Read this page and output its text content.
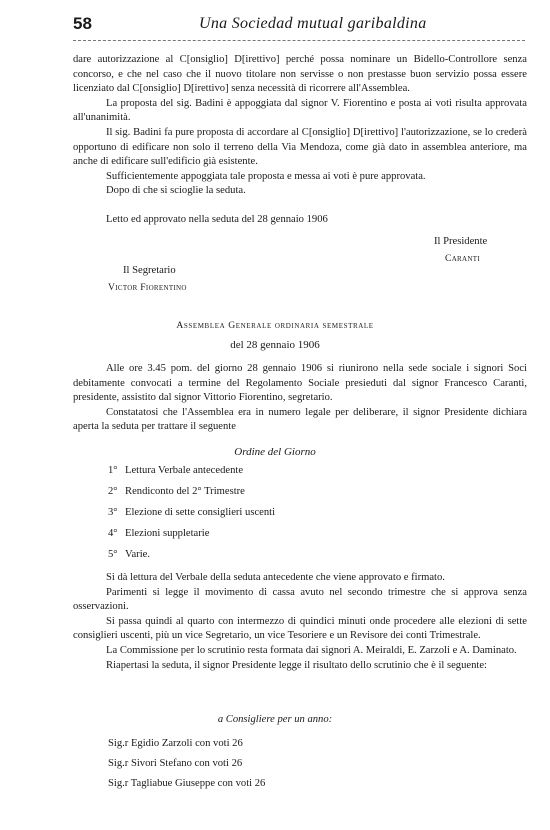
58	Una Sociedad mutual garibaldina

dare autorizzazione al C[onsiglio] D[irettivo] perché possa nominare un Bidello-Controllore senza concorso, e che nel caso che il nuovo titolare non servisse o non prestasse buon servizio possa essere licenziato dal C[onsiglio] D[irettivo] senza necessità di ricorrere all'Assemblea.

La proposta del sig. Badini è appoggiata dal signor V. Fiorentino e posta ai voti risulta approvata all'unanimità.

Il sig. Badini fa pure proposta di accordare al C[onsiglio] D[irettivo] l'autorizzazione, se lo crederà opportuno di edificare non solo il terreno della Via Mendoza, come già dato in assemblea anteriore, ma anche di edificare sull'edificio già esistente.

Sufficientemente appoggiata tale proposta e messa ai voti è pure approvata.

Dopo di che si scioglie la seduta.

Letto ed approvato nella seduta del 28 gennaio 1906
Il Presidente
Caranti
Il Segretario
Victor Fiorentino
Assemblea Generale ordinaria semestrale
del 28 gennaio 1906

Alle ore 3.45 pom. del giorno 28 gennaio 1906 si riunirono nella sede sociale i signori Soci debitamente convocati a termine del Regolamento Sociale presieduti dal signor Francesco Caranti, presidente, assistito dal signor Vittorio Fiorentino, segretario.

Constatatosi che l'Assemblea era in numero legale per deliberare, il signor Presidente dichiara aperta la seduta per trattare il seguente

Ordine del Giorno
1° Lettura Verbale antecedente
2° Rendiconto del 2° Trimestre
3° Elezione di sette consiglieri uscenti
4° Elezioni suppletarie
5° Varie.

Si dà lettura del Verbale della seduta antecedente che viene approvato e firmato.

Parimenti si legge il movimento di cassa avuto nel secondo trimestre che si approva senza osservazioni.

Si passa quindi al quarto con intermezzo di quindici minuti onde procedere alle elezioni di sette consiglieri uscenti, più un vice Segretario, un vice Tesoriere e un Revisore dei conti Trimestrale.

La Commissione per lo scrutinio resta formata dai signori A. Meiraldi, E. Zarzoli e A. Daminato.

Riapertasi la seduta, il signor Presidente legge il risultato dello scrutinio che è il seguente:

a Consigliere per un anno:
Sig.r Egidio Zarzoli con voti 26
Sig.r Sivori Stefano con voti 26
Sig.r Tagliabue Giuseppe con voti 26
